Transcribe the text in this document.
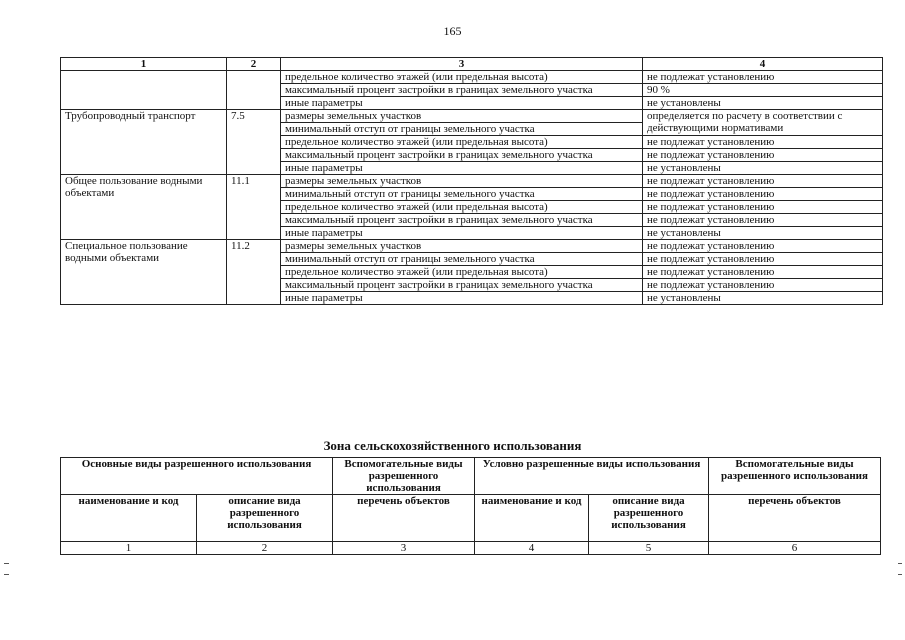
165
1	2	3	4
		предельное количество этажей (или предельная высота)	не подлежат установлению
		максимальный процент застройки в границах земельного участка	90 %
		иные параметры	не установлены
Трубопроводный транспорт	7.5	размеры земельных участков	определяется по расчету в соответствии с действующими нормативами
		минимальный отступ от границы земельного участка	
		предельное количество этажей (или предельная высота)	не подлежат установлению
		максимальный процент застройки в границах земельного участка	не подлежат установлению
		иные параметры	не установлены
Общее пользование водными объектами	11.1	размеры земельных участков	не подлежат установлению
		минимальный отступ от границы земельного участка	не подлежат установлению
		предельное количество этажей (или предельная высота)	не подлежат установлению
		максимальный процент застройки в границах земельного участка	не подлежат установлению
		иные параметры	не установлены
Специальное пользование водными объектами	11.2	размеры земельных участков	не подлежат установлению
		минимальный отступ от границы земельного участка	не подлежат установлению
		предельное количество этажей (или предельная высота)	не подлежат установлению
		максимальный процент застройки в границах земельного участка	не подлежат установлению
		иные параметры	не установлены
Зона сельскохозяйственного использования
Основные виды разрешенного использования		Вспомогательные виды разрешенного использования	Условно разрешенные виды использования		Вспомогательные виды разрешенного использования
наименование и код	описание вида разрешенного использования	перечень объектов	наименование и код	описание вида разрешенного использования	перечень объектов
1	2	3	4	5	6
